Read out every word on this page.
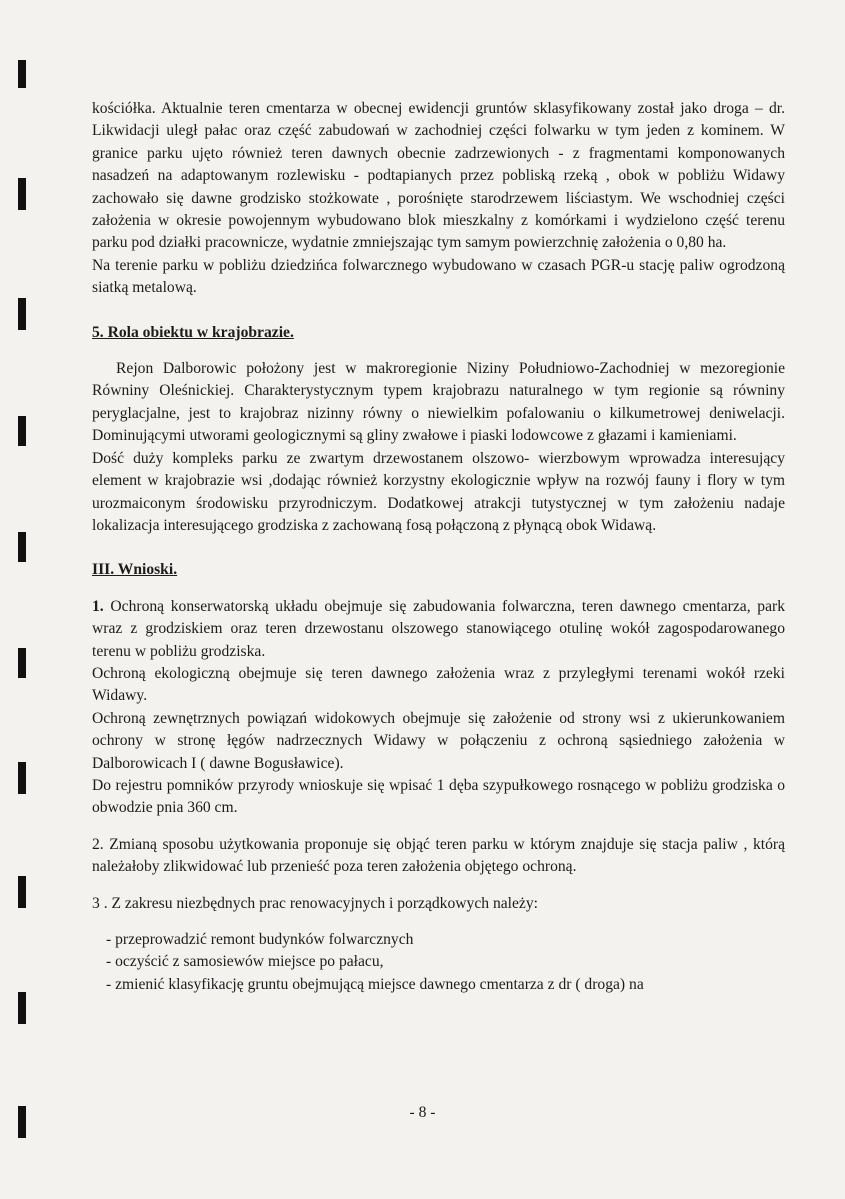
kościółka. Aktualnie teren cmentarza w obecnej ewidencji gruntów sklasyfikowany został jako droga – dr. Likwidacji uległ pałac oraz część zabudowań w zachodniej części folwarku w tym jeden z kominem. W granice parku ujęto również teren dawnych obecnie zadrzewionych - z fragmentami komponowanych nasadzeń na adaptowanym rozlewisku - podtapianych przez pobliską rzeką , obok w pobliżu Widawy zachowało się dawne grodzisko stożkowate , porośnięte starodrzewem liściastym. We wschodniej części założenia w okresie powojennym wybudowano blok mieszkalny z komórkami i wydzielono część terenu parku pod działki pracownicze, wydatnie zmniejszając tym samym powierzchnię założenia o 0,80 ha.

Na terenie parku w pobliżu dziedzińca folwarcznego wybudowano w czasach PGR-u stację paliw ogrodzoną siatką metalową.

5. Rola obiektu w krajobrazie.

Rejon Dalborowic położony jest w makroregionie Niziny Południowo-Zachodniej w mezoregionie Równiny Oleśnickiej. Charakterystycznym typem krajobrazu naturalnego w tym regionie są równiny peryglacjalne, jest to krajobraz nizinny równy o niewielkim pofalowaniu o kilkumetrowej deniwelacji. Dominującymi utworami geologicznymi są gliny zwałowe i piaski lodowcowe z głazami i kamieniami.

Dość duży kompleks parku ze zwartym drzewostanem olszowo- wierzbowym wprowadza interesujący element w krajobrazie wsi ,dodając również korzystny ekologicznie wpływ na rozwój fauny i flory w tym urozmaiconym środowisku przyrodniczym. Dodatkowej atrakcji tutystycznej w tym założeniu nadaje lokalizacja interesującego grodziska z zachowaną fosą połączoną z płynącą obok Widawą.

III. Wnioski.

1. Ochroną konserwatorską układu obejmuje się zabudowania folwarczna, teren dawnego cmentarza, park wraz z grodziskiem oraz teren drzewostanu olszowego stanowiącego otulinę wokół zagospodarowanego terenu w pobliżu grodziska.

Ochroną ekologiczną obejmuje się teren dawnego założenia wraz z przyległymi terenami wokół rzeki Widawy.

Ochroną zewnętrznych powiązań widokowych obejmuje się założenie od strony wsi z ukierunkowaniem ochrony w stronę łęgów nadrzecznych Widawy w połączeniu z ochroną sąsiedniego założenia w Dalborowicach I ( dawne Bogusławice).

Do rejestru pomników przyrody wnioskuje się wpisać 1 dęba szypułkowego rosnącego w pobliżu grodziska o obwodzie pnia 360 cm.

2. Zmianą sposobu użytkowania proponuje się objąć teren parku w którym znajduje się stacja paliw , którą należałoby zlikwidować lub przenieść poza teren założenia objętego ochroną.

3 . Z zakresu niezbędnych prac renowacyjnych i porządkowych należy:

- przeprowadzić remont budynków folwarcznych
- oczyścić z samosiewów miejsce po pałacu,
- zmienić klasyfikację gruntu obejmującą miejsce dawnego cmentarza z dr ( droga) na
- 8 -
